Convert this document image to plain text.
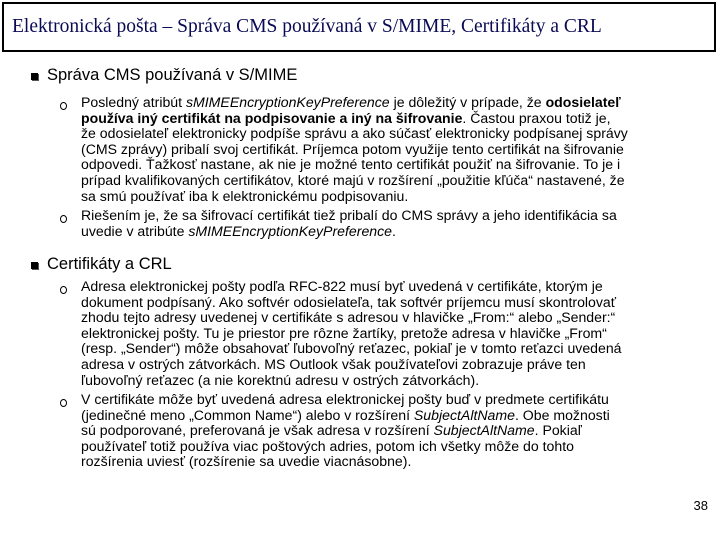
Elektronická pošta – Správa CMS používaná v S/MIME, Certifikáty a CRL
Správa CMS používaná v S/MIME
Posledný atribút sMIMEEncryptionKeyPreference je dôležitý v prípade, že odosielateľ
používa iný certifikát na podpisovanie a iný na šifrovanie. Častou praxou totiž je,
že odosielateľ elektronicky podpíše správu a ako súčasť elektronicky podpísanej správy
(CMS zprávy) pribalí svoj certifikát. Príjemca potom využije tento certifikát na šifrovanie
odpovedi. Ťažkosť nastane, ak nie je možné tento certifikát použiť na šifrovanie. To je i
prípad kvalifikovaných certifikátov, ktoré majú v rozšírení „použitie kľúča“ nastavené, že
sa smú používať iba k elektronickému podpisovaniu.
Riešením je, že sa šifrovací certifikát tiež pribalí do CMS správy a jeho identifikácia sa
uvedie v atribúte sMIMEEncryptionKeyPreference.
Certifikáty a CRL
Adresa elektronickej pošty podľa RFC-822 musí byť uvedená v certifikáte, ktorým je
dokument podpísaný. Ako softvér odosielateľa, tak softvér príjemcu musí skontrolovať
zhodu tejto adresy uvedenej v certifikáte s adresou v hlavičke „From:“ alebo „Sender:“
elektronickej pošty. Tu je priestor pre rôzne žartíky, pretože adresa v hlavičke „From“
(resp. „Sender“) môže obsahovať ľubovoľný reťazec, pokiaľ je v tomto reťazci uvedená
adresa v ostrých zátvorkách. MS Outlook však používateľovi zobrazuje práve ten
ľubovoľný reťazec (a nie korektnú adresu v ostrých zátvorkách).
V certifikáte môže byť uvedená adresa elektronickej pošty buď v predmete certifikátu
(jedinečné meno „Common Name“) alebo v rozšírení SubjectAltName. Obe možnosti
sú podporované, preferovaná je však adresa v rozšírení SubjectAltName. Pokiaľ
používateľ totiž používa viac poštových adries, potom ich všetky môže do tohto
rozšírenia uviesť (rozšírenie sa uvedie viacnásobne).
38
